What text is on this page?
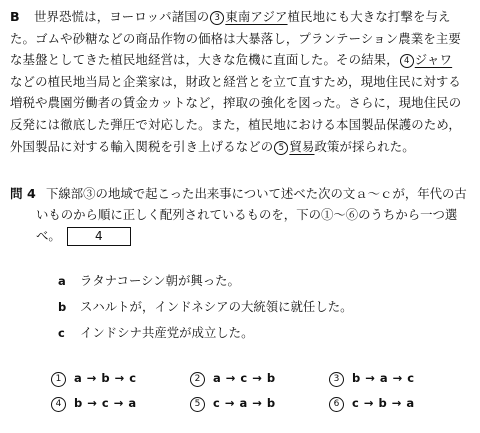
B 世界恐慌は，ヨーロッパ諸国の 3 東南アジア植民地にも大きな打撃を与え
た。ゴムや砂糖などの商品作物の価格は大暴落し，プランテーション農業を主要
な基盤としてきた植民地経営は，大きな危機に直面した。その結果， 4 ジャワ
などの植民地当局と企業家は，財政と経営とを立て直すため，現地住民に対する
増税や農園労働者の賃金カットなど，搾取の強化を図った。さらに，現地住民の
反発には徹底した弾圧で対応した。また，植民地における本国製品保護のため，
外国製品に対する輸入関税を引き上げるなどの 5 貿易政策が採られた。
問 4 下線部③の地域で起こった出来事について述べた次の文ａ～ｃが，年代の古
いものから順に正しく配列されているものを，下の①～⑥のうちから一つ選
べ。	4
a ラタナコーシン朝が興った。
b スハルトが，インドネシアの大統領に就任した。
c インドシナ共産党が成立した。
1 a → b → c	2 a → c → b	3 b → a → c
4 b → c → a	5 c → a → b	6 c → b → a
